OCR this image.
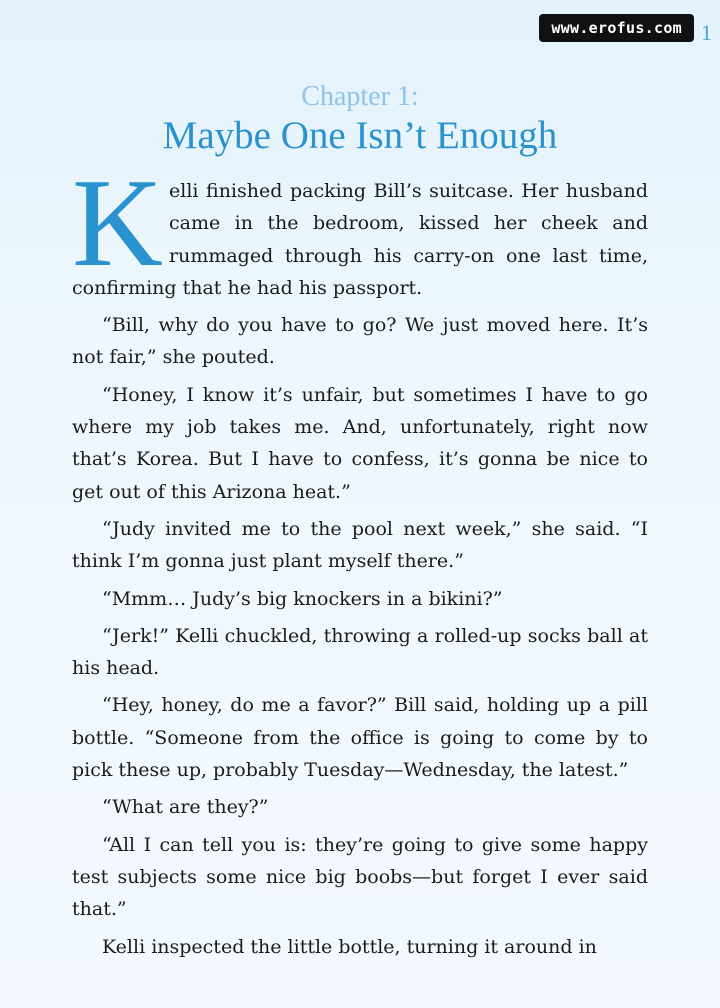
www.erofus.com 1
Chapter 1:
Maybe One Isn’t Enough

Kelli finished packing Bill’s suitcase. Her husband came in the bedroom, kissed her cheek and rummaged through his carry-on one last time, confirming that he had his passport.

“Bill, why do you have to go? We just moved here. It’s not fair,” she pouted.

“Honey, I know it’s unfair, but sometimes I have to go where my job takes me. And, unfortunately, right now that’s Korea. But I have to confess, it’s gonna be nice to get out of this Arizona heat.”

“Judy invited me to the pool next week,” she said. “I think I’m gonna just plant myself there.”

“Mmm… Judy’s big knockers in a bikini?”

“Jerk!” Kelli chuckled, throwing a rolled-up socks ball at his head.

“Hey, honey, do me a favor?” Bill said, holding up a pill bottle. “Someone from the office is going to come by to pick these up, probably Tuesday—Wednesday, the latest.”

“What are they?”

“All I can tell you is: they’re going to give some happy test subjects some nice big boobs—but forget I ever said that.”

Kelli inspected the little bottle, turning it around in
